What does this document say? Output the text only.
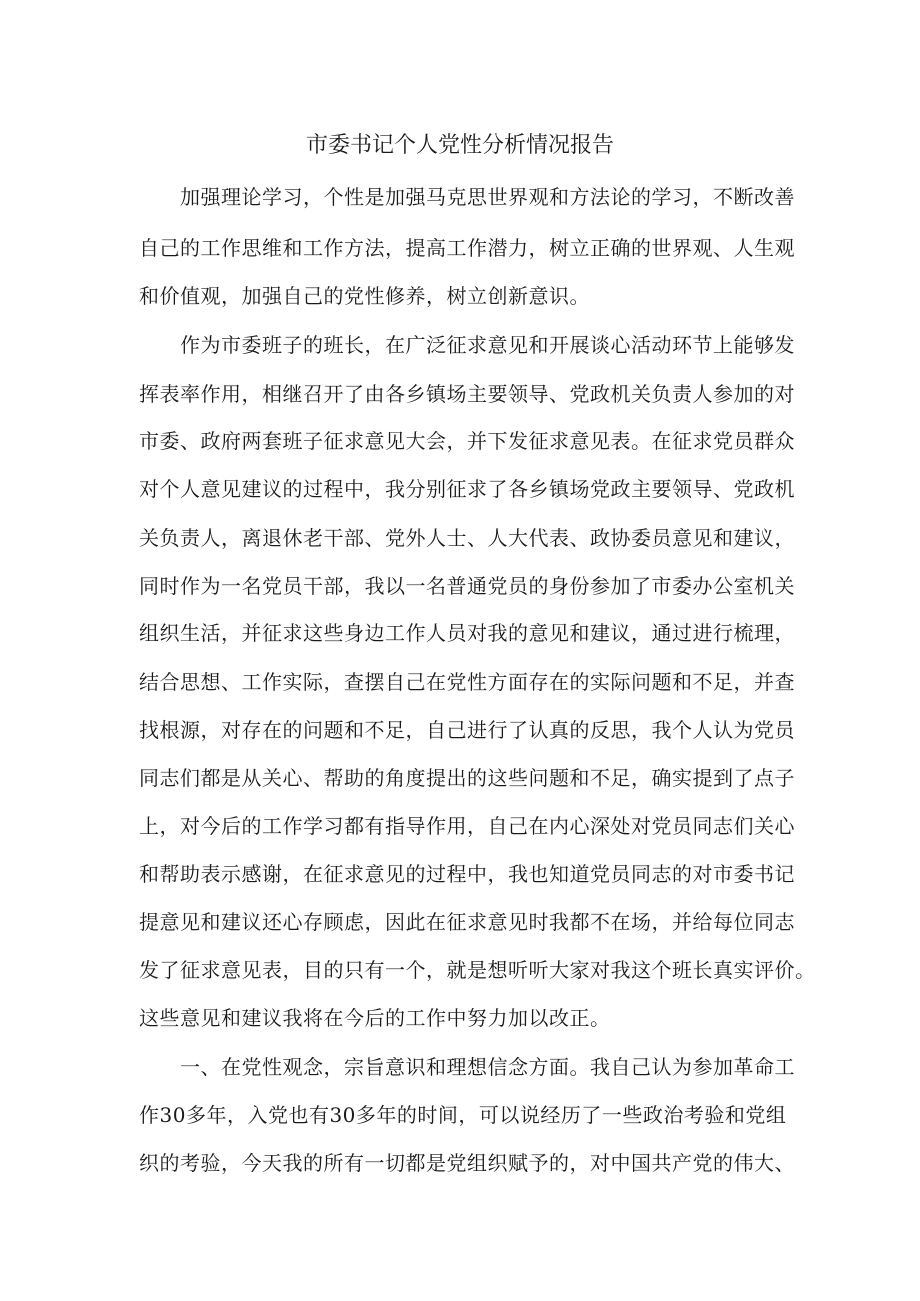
市委书记个人党性分析情况报告
加强理论学习，个性是加强马克思世界观和方法论的学习，不断改善
自己的工作思维和工作方法，提高工作潜力，树立正确的世界观、人生观
和价值观，加强自己的党性修养，树立创新意识。
作为市委班子的班长，在广泛征求意见和开展谈心活动环节上能够发
挥表率作用，相继召开了由各乡镇场主要领导、党政机关负责人参加的对
市委、政府两套班子征求意见大会，并下发征求意见表。在征求党员群众
对个人意见建议的过程中，我分别征求了各乡镇场党政主要领导、党政机
关负责人，离退休老干部、党外人士、人大代表、政协委员意见和建议，
同时作为一名党员干部，我以一名普通党员的身份参加了市委办公室机关
组织生活，并征求这些身边工作人员对我的意见和建议，通过进行梳理，
结合思想、工作实际，查摆自己在党性方面存在的实际问题和不足，并查
找根源，对存在的问题和不足，自己进行了认真的反思，我个人认为党员
同志们都是从关心、帮助的角度提出的这些问题和不足，确实提到了点子
上，对今后的工作学习都有指导作用，自己在内心深处对党员同志们关心
和帮助表示感谢，在征求意见的过程中，我也知道党员同志的对市委书记
提意见和建议还心存顾虑，因此在征求意见时我都不在场，并给每位同志
发了征求意见表，目的只有一个，就是想听听大家对我这个班长真实评价。
这些意见和建议我将在今后的工作中努力加以改正。
一、在党性观念，宗旨意识和理想信念方面。我自己认为参加革命工
作30多年，入党也有30多年的时间，可以说经历了一些政治考验和党组
织的考验，今天我的所有一切都是党组织赋予的，对中国共产党的伟大、
